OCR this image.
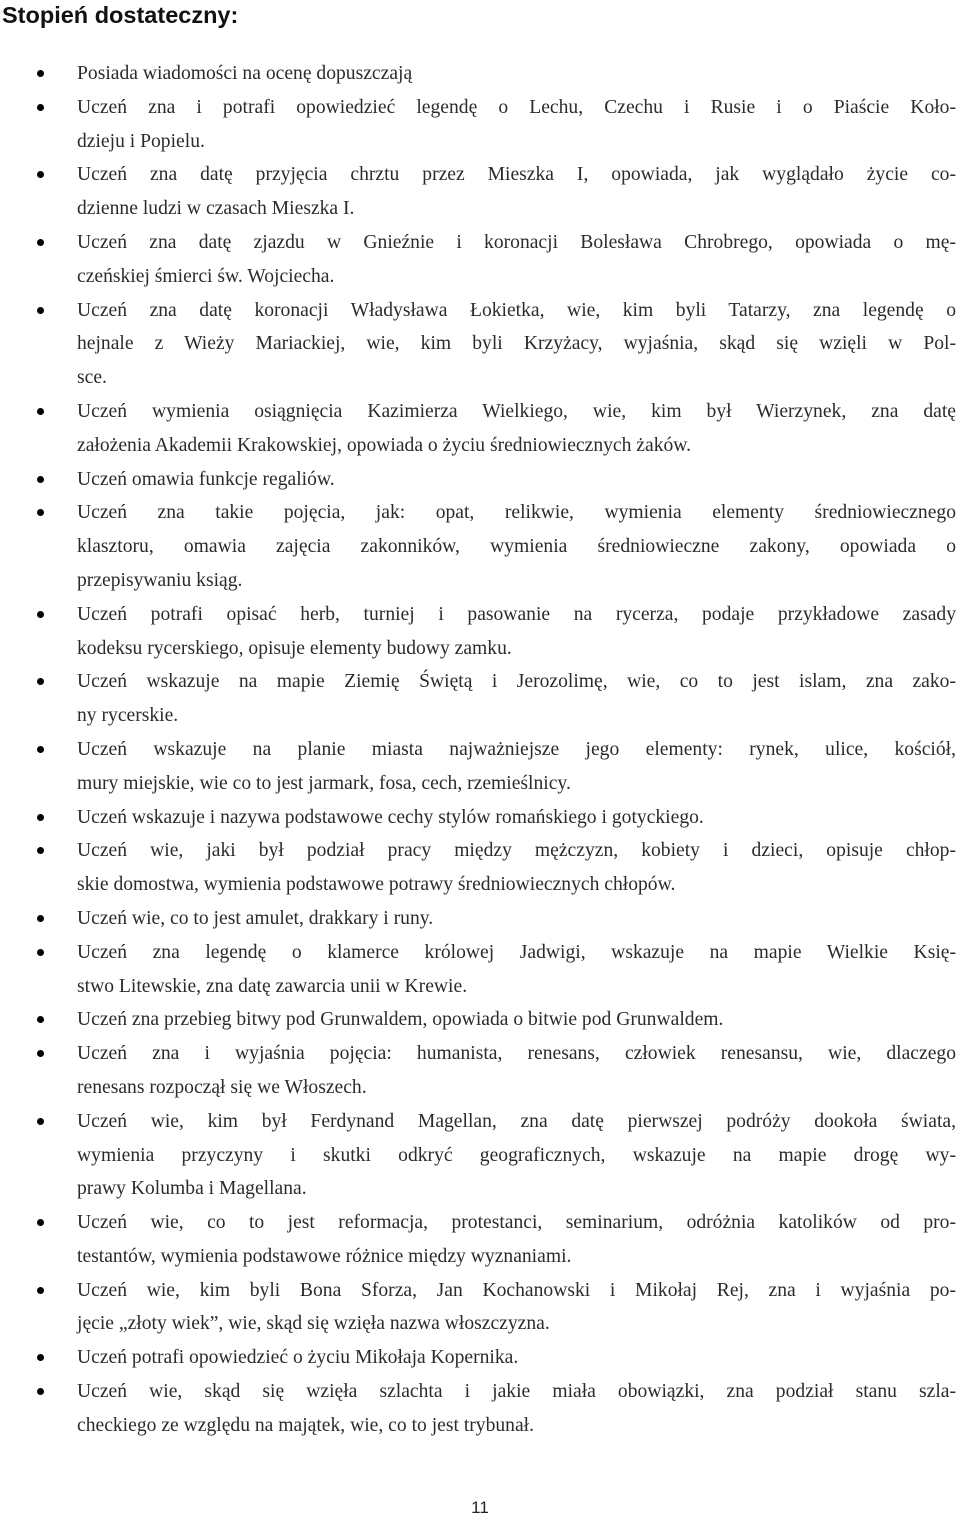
Stopień dostateczny:
Posiada wiadomości na ocenę dopuszczają
Uczeń zna i potrafi opowiedzieć legendę o Lechu, Czechu i Rusie i o Piaście Koło-
dzieju i Popielu.
Uczeń zna datę przyjęcia chrztu przez Mieszka I, opowiada, jak wyglądało życie co-
dzienne ludzi w czasach Mieszka I.
Uczeń zna datę zjazdu w Gnieźnie i koronacji Bolesława Chrobrego, opowiada o mę-
czeńskiej śmierci św. Wojciecha.
Uczeń zna datę koronacji Władysława Łokietka, wie, kim byli Tatarzy, zna legendę o
hejnale z Wieży Mariackiej, wie, kim byli Krzyżacy, wyjaśnia, skąd się wzięli w Pol-
sce.
Uczeń wymienia osiągnięcia Kazimierza Wielkiego, wie, kim był Wierzynek, zna datę
założenia Akademii Krakowskiej, opowiada o życiu średniowiecznych żaków.
Uczeń omawia funkcje regaliów.
Uczeń zna takie pojęcia, jak: opat, relikwie, wymienia elementy średniowiecznego
klasztoru, omawia zajęcia zakonników, wymienia średniowieczne zakony, opowiada o
przepisywaniu ksiąg.
Uczeń potrafi opisać herb, turniej i pasowanie na rycerza, podaje przykładowe zasady
kodeksu rycerskiego, opisuje elementy budowy zamku.
Uczeń wskazuje na mapie Ziemię Świętą i Jerozolimę, wie, co to jest islam, zna zako-
ny rycerskie.
Uczeń wskazuje na planie miasta najważniejsze jego elementy: rynek, ulice, kościół,
mury miejskie, wie co to jest jarmark, fosa, cech, rzemieślnicy.
Uczeń wskazuje i nazywa podstawowe cechy stylów romańskiego i gotyckiego.
Uczeń wie, jaki był podział pracy między mężczyzn, kobiety i dzieci, opisuje chłop-
skie domostwa, wymienia podstawowe potrawy średniowiecznych chłopów.
Uczeń wie, co to jest amulet, drakkary i runy.
Uczeń zna legendę o klamerce królowej Jadwigi, wskazuje na mapie Wielkie Księ-
stwo Litewskie, zna datę zawarcia unii w Krewie.
Uczeń zna przebieg bitwy pod Grunwaldem, opowiada o bitwie pod Grunwaldem.
Uczeń zna i wyjaśnia pojęcia: humanista, renesans, człowiek renesansu, wie, dlaczego
renesans rozpoczął się we Włoszech.
Uczeń wie, kim był Ferdynand Magellan, zna datę pierwszej podróży dookoła świata,
wymienia przyczyny i skutki odkryć geograficznych, wskazuje na mapie drogę wy-
prawy Kolumba i Magellana.
Uczeń wie, co to jest reformacja, protestanci, seminarium, odróżnia katolików od pro-
testantów, wymienia podstawowe różnice między wyznaniami.
Uczeń wie, kim byli Bona Sforza, Jan Kochanowski i Mikołaj Rej, zna i wyjaśnia po-
jęcie „złoty wiek”, wie, skąd się wzięła nazwa włoszczyzna.
Uczeń potrafi opowiedzieć o życiu Mikołaja Kopernika.
Uczeń wie, skąd się wzięła szlachta i jakie miała obowiązki, zna podział stanu szla-
checkiego ze względu na majątek, wie, co to jest trybunał.
11
